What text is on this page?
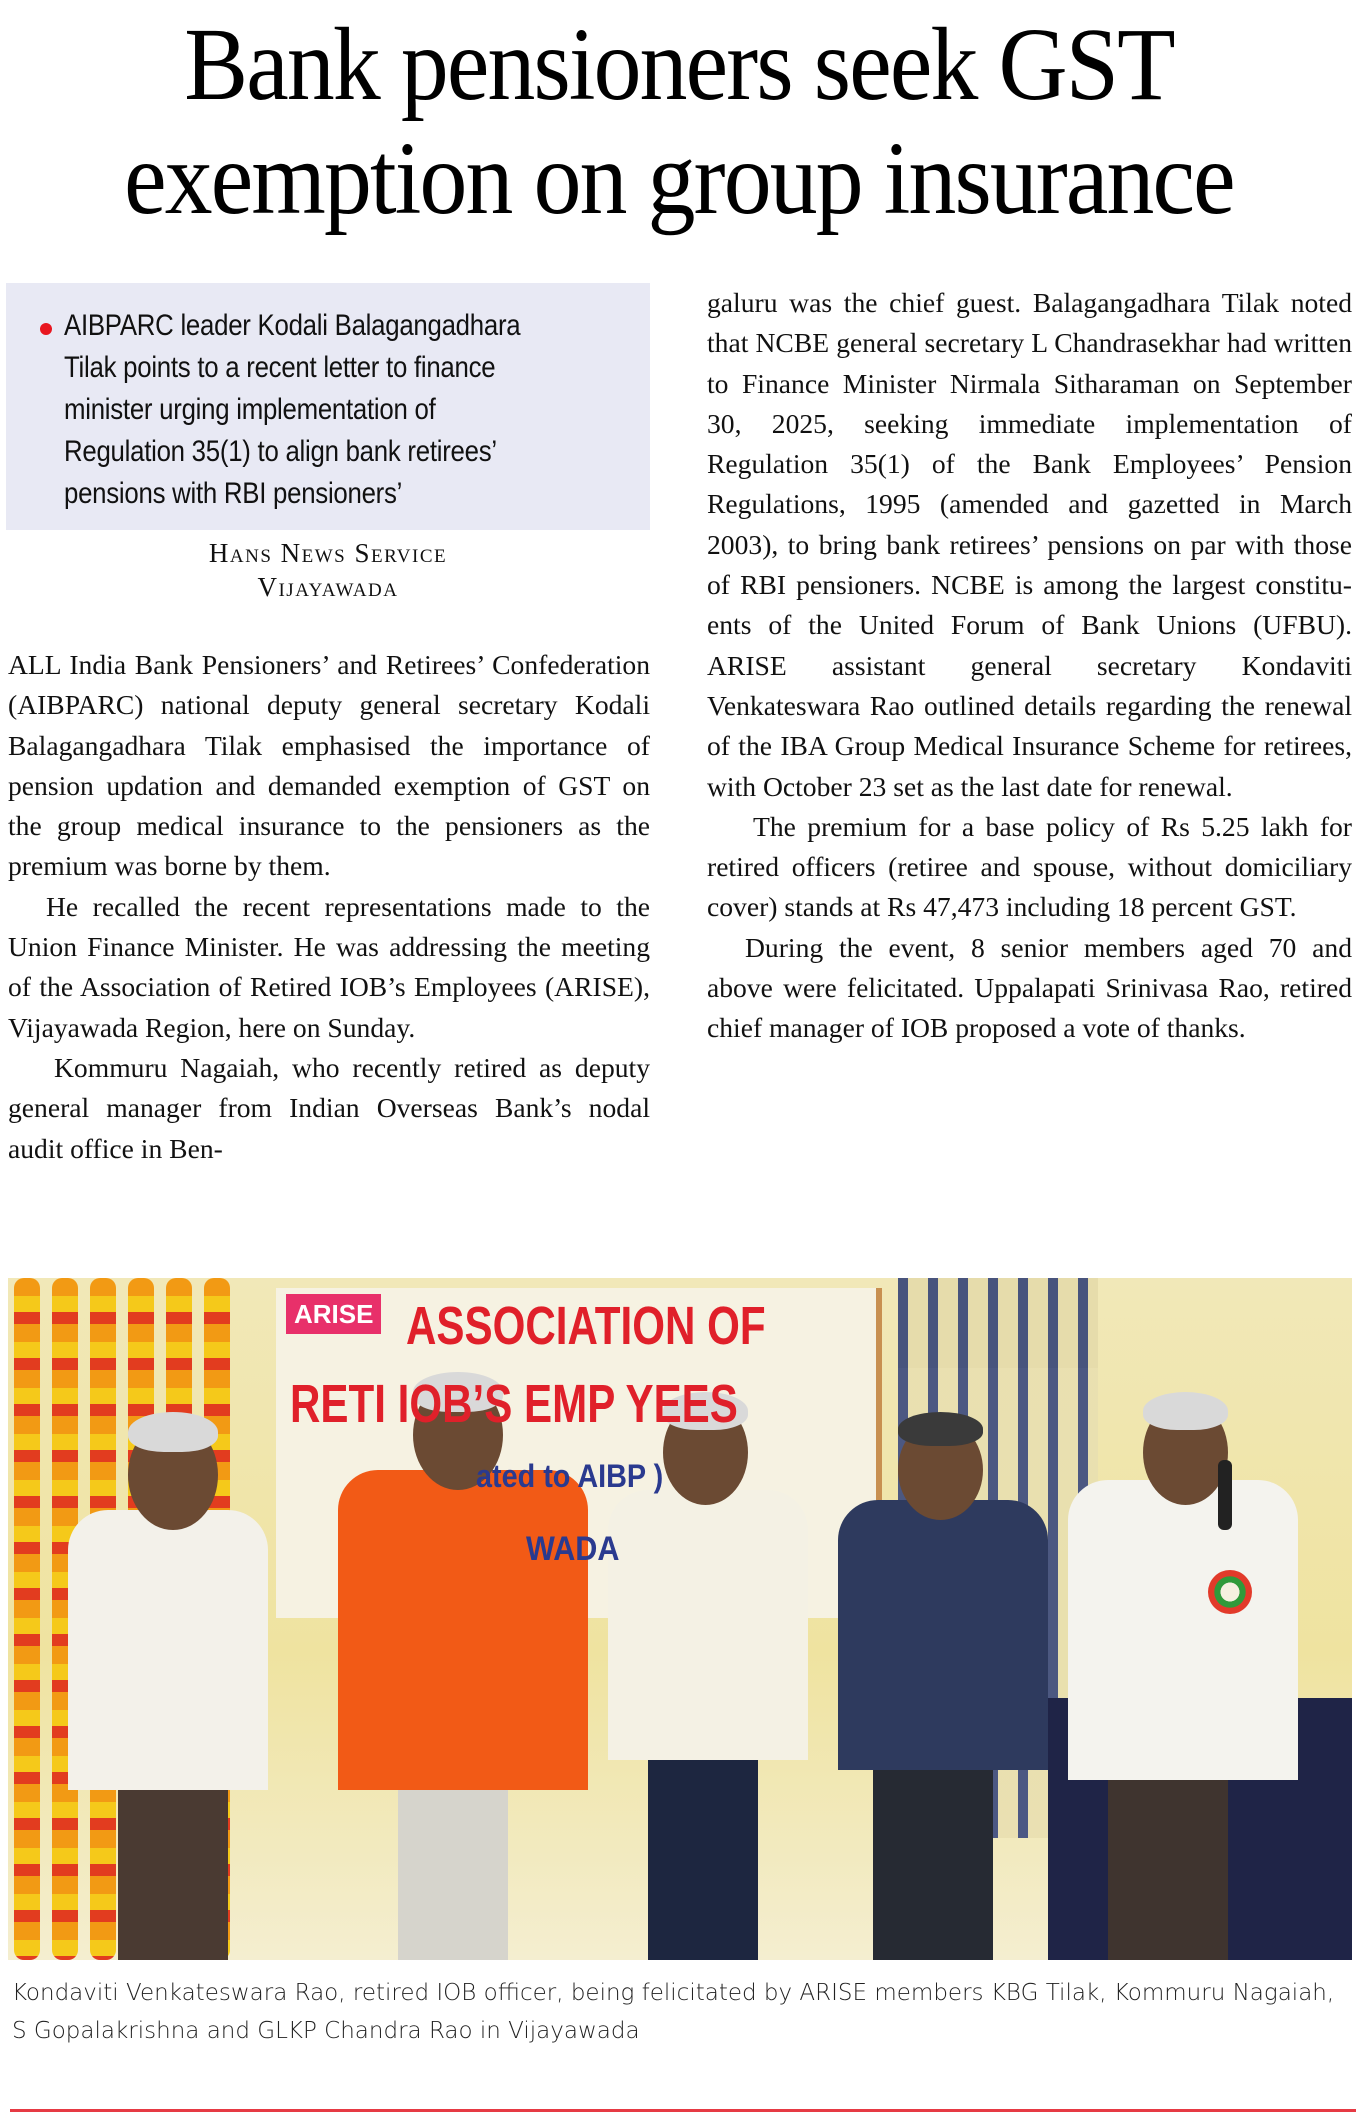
Bank pensioners seek GST
exemption on group insurance
AIBPARC leader Kodali Balagangadhara Tilak points to a recent letter to finance minister urging implementation of Regulation 35(1) to align bank retirees’ pensions with RBI pensioners’
Hans News Service
Vijayawada

ALL India Bank Pensioners’ and Retirees’ Confederation (AIBPARC) national deputy general secretary Kodali Balagangadhara Tilak emphasised the importance of pension updation and demanded exemption of GST on the group medical insurance to the pensioners as the premium was borne by them.

He recalled the recent representations made to the Union Finance Minister. He was addressing the meeting of the Association of Retired IOB’s Employees (ARISE), Vijayawada Region, here on Sunday.

Kommuru Nagaiah, who recently retired as deputy general manager from Indian Overseas Bank’s nodal audit office in Ben-

galuru was the chief guest. Balagangadhara Tilak noted that NCBE general secretary L Chandrasekhar had written to Finance Minister Nirmala Sitharaman on September 30, 2025, seeking immediate implementation of Regulation 35(1) of the Bank Employees’ Pension Regulations, 1995 (amended and gazetted in March 2003), to bring bank retirees’ pensions on par with those of RBI pensioners. NCBE is among the largest constituents of the United Forum of Bank Unions (UFBU). ARISE assistant general secretary Kondaviti Venkateswara Rao outlined details regarding the renewal of the IBA Group Medical Insurance Scheme for retirees, with October 23 set as the last date for renewal.

The premium for a base policy of Rs 5.25 lakh for retired officers (retiree and spouse, without domiciliary cover) stands at Rs 47,473 including 18 percent GST.

During the event, 8 senior members aged 70 and above were felicitated. Uppalapati Srinivasa Rao, retired chief manager of IOB proposed a vote of thanks.

ARISE ASSOCIATION OF
RETI IOB’S EMP YEES
ated to AIBP )
WADA
Kondaviti Venkateswara Rao, retired IOB officer, being felicitated by ARISE members KBG Tilak, Kommuru Nagaiah, S Gopalakrishna and GLKP Chandra Rao in Vijayawada
